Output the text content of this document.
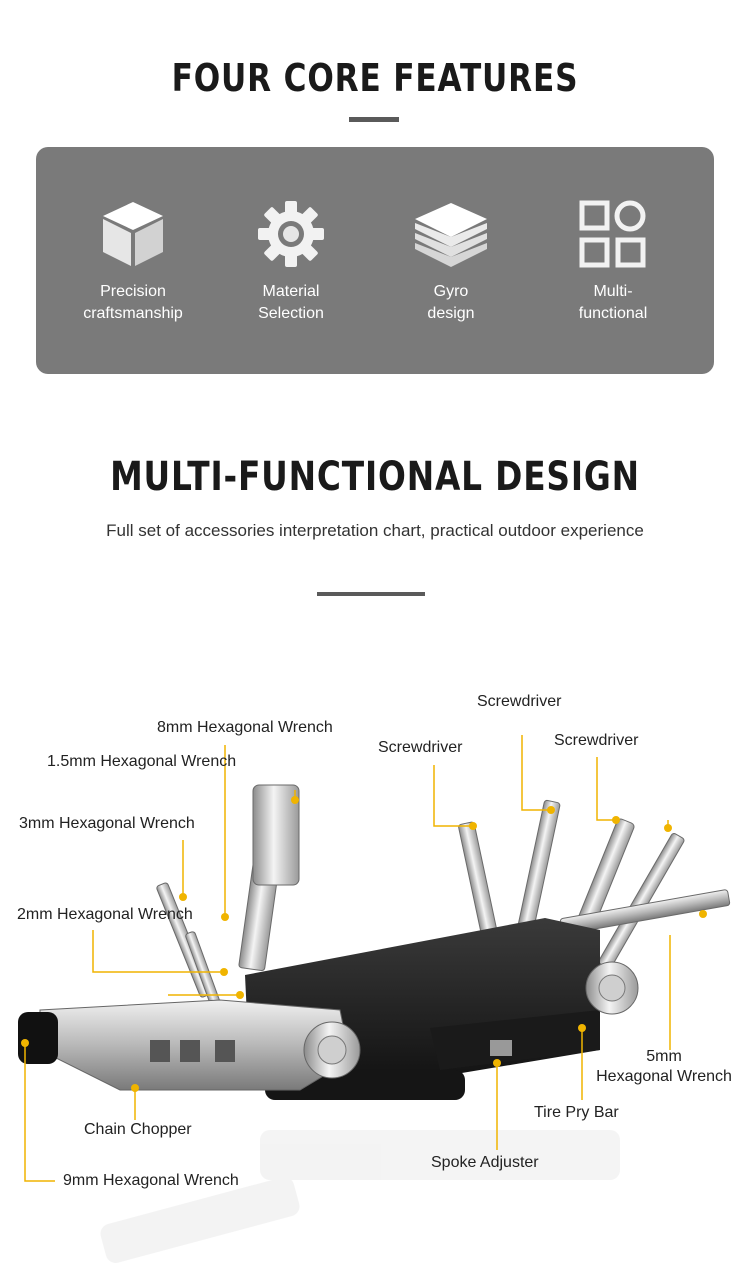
FOUR CORE FEATURES
Precision
craftsmanship
Material
Selection
Gyro
design
Multi-
functional
MULTI-FUNCTIONAL DESIGN
Full set of accessories interpretation chart, practical outdoor experience
8mm Hexagonal Wrench
1.5mm Hexagonal Wrench
3mm Hexagonal Wrench
2mm Hexagonal Wrench
Screwdriver
Screwdriver
Screwdriver
5mm
Hexagonal Wrench
Tire Pry Bar
Spoke Adjuster
Chain Chopper
9mm Hexagonal Wrench
